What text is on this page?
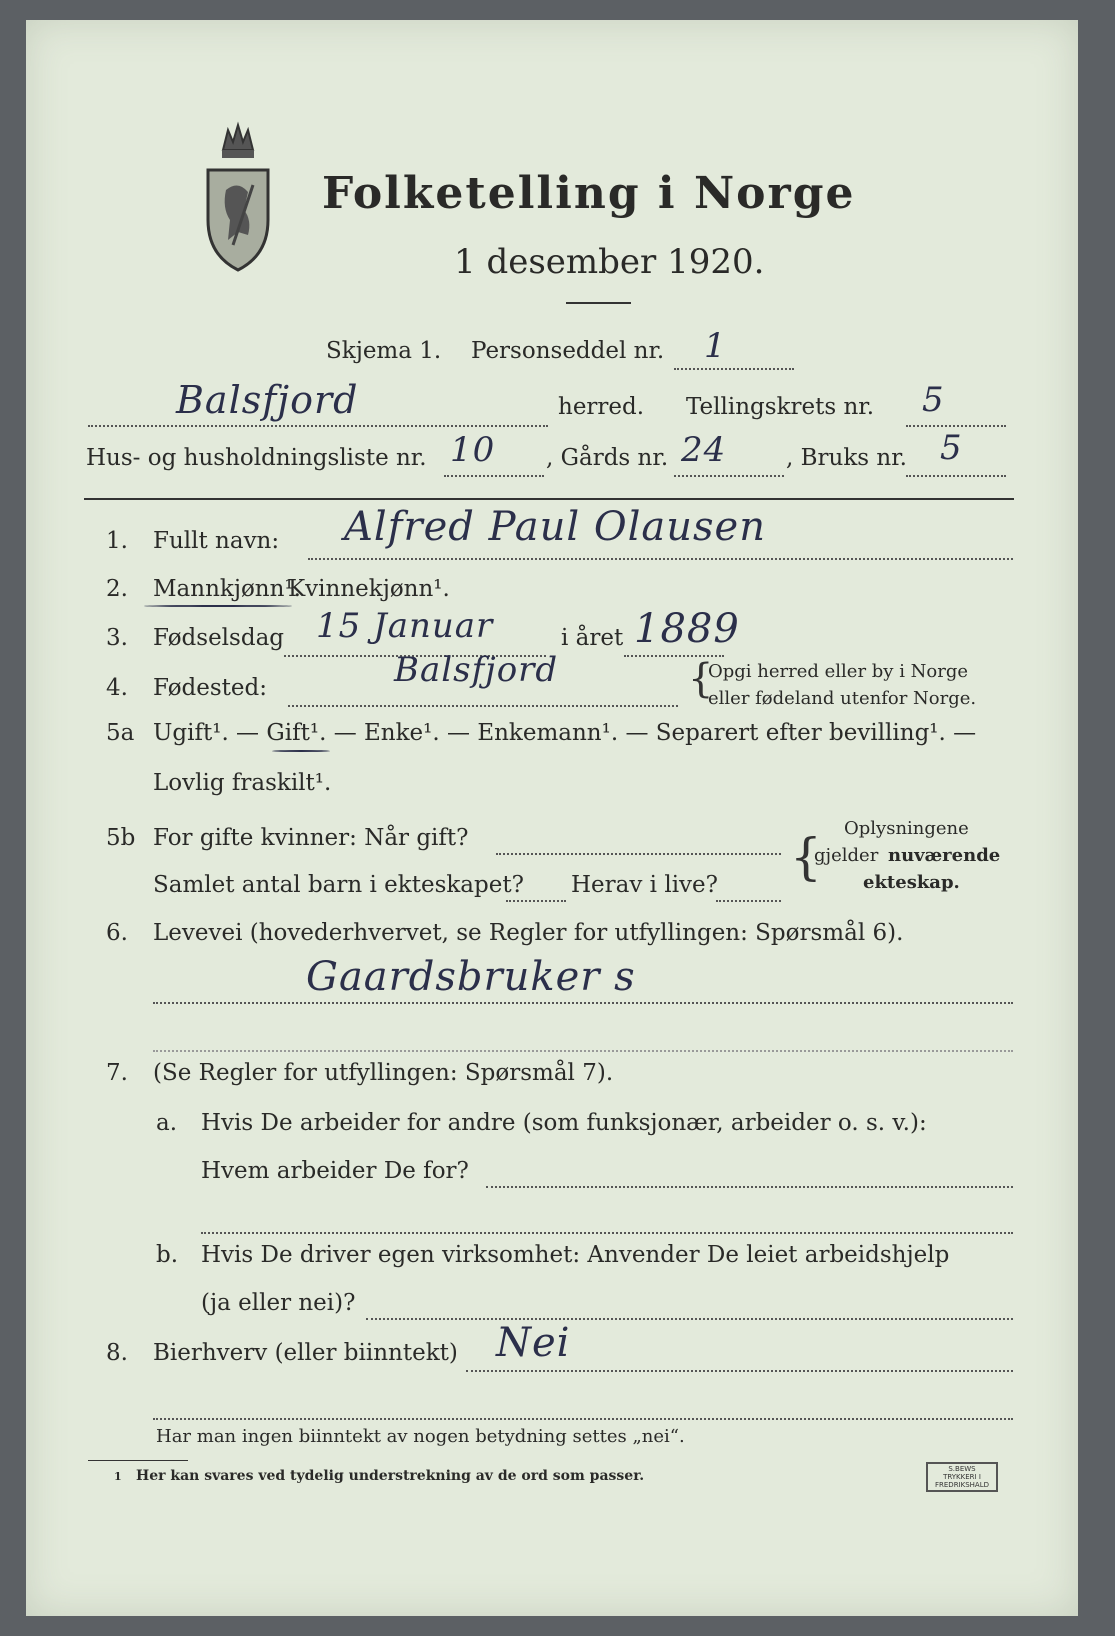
Folketelling i Norge
1 desember 1920.
Skjema 1. Personseddel nr. 1
Balsfjord	herred. Tellingskrets nr. 5
Hus- og husholdningsliste nr. 10 , Gårds nr. 24	, Bruks nr. 5
1. Fullt navn: Alfred Paul Olausen
2. Mannkjønn¹.
Kvinnekjønn¹.
3. Fødselsdag 15 Januar	i året 1889
4. Fødested:	Balsfjord	{
Opgi herred eller by i Norge
eller fødeland utenfor Norge.
5a Ugift¹. — Gift¹. — Enke¹. — Enkemann¹. — Separert efter bevilling¹. —
Lovlig fraskilt¹.
5b For gifte kvinner: Når gift?
Samlet antal barn i ekteskapet? Herav i live? { Oplysningene
gjelder nuværende
ekteskap.
6. Levevei (hovederhvervet, se Regler for utfyllingen: Spørsmål 6).
Gaardsbruker s
7. (Se Regler for utfyllingen: Spørsmål 7).
a. Hvis De arbeider for andre (som funksjonær, arbeider o. s. v.):
Hvem arbeider De for?
b. Hvis De driver egen virksomhet: Anvender De leiet arbeidshjelp
(ja eller nei)?
8. Bierhverv (eller biinntekt) Nei
Har man ingen biinntekt av nogen betydning settes „nei“.
1 Her kan svares ved tydelig understrekning av de ord som passer.	S.BEWS TRYKKERI I FREDRIKSHALD
